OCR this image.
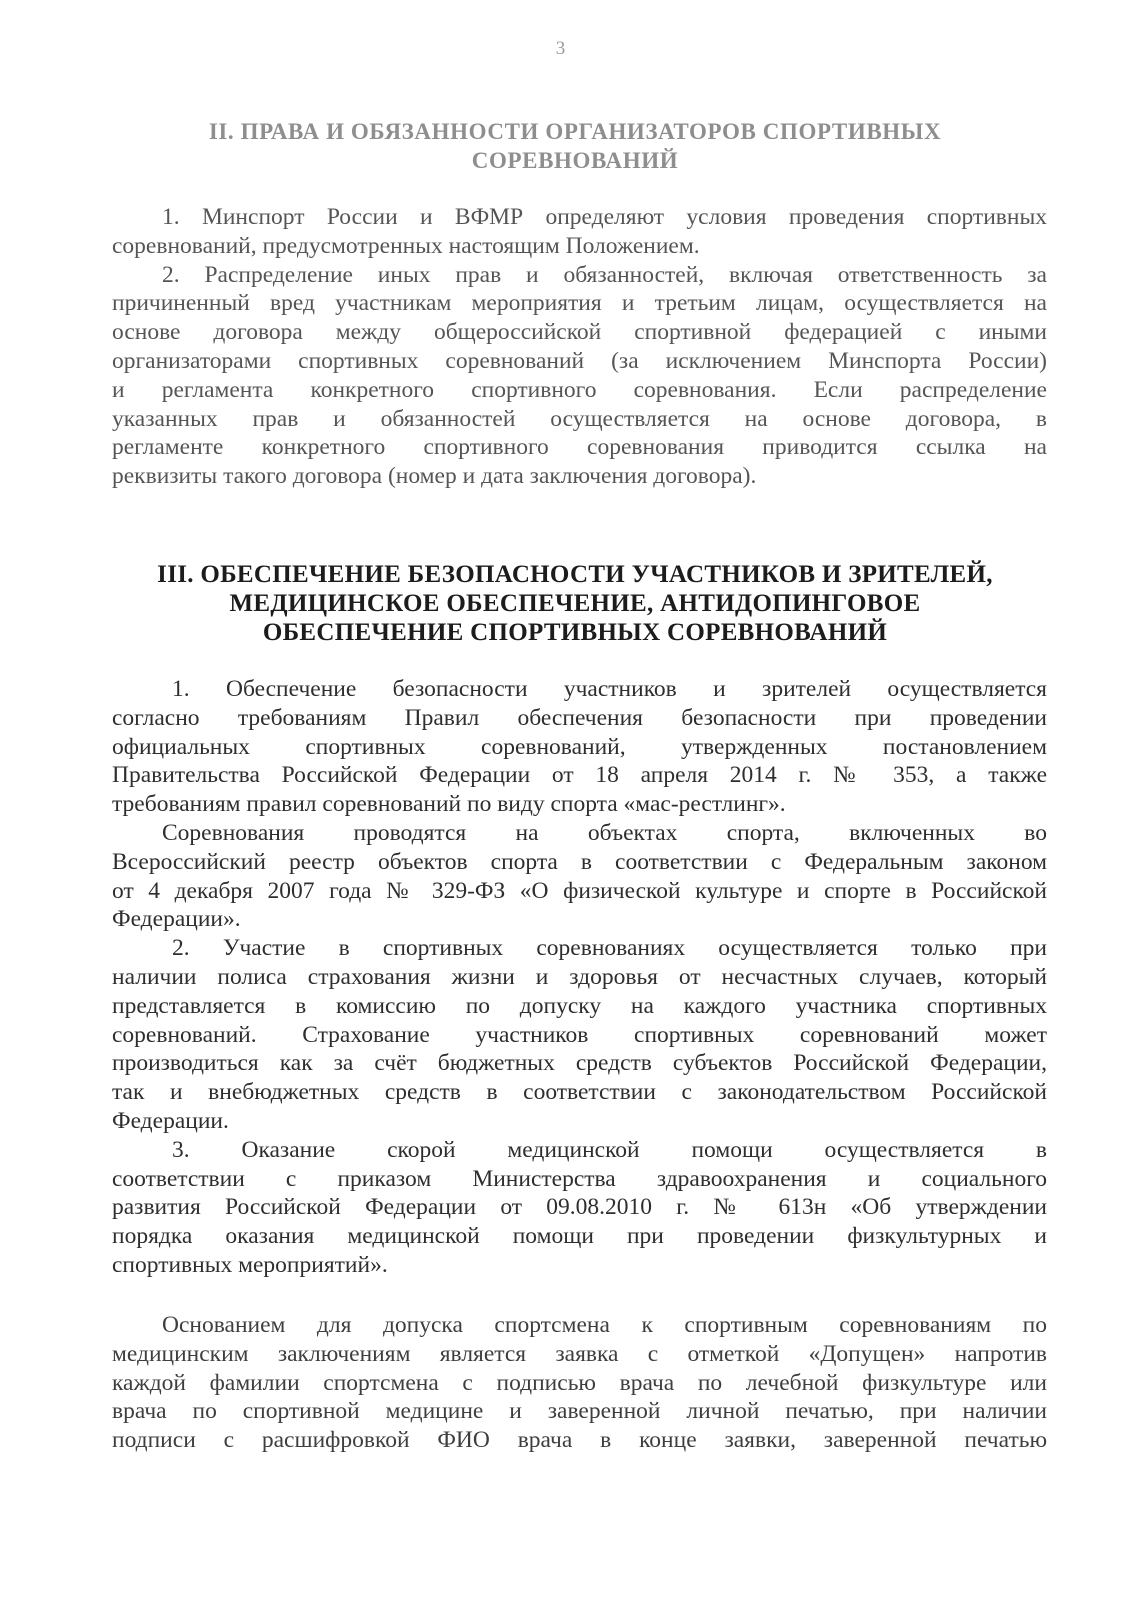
3
II. ПРАВА И ОБЯЗАННОСТИ ОРГАНИЗАТОРОВ СПОРТИВНЫХ
СОРЕВНОВАНИЙ
1. Минспорт России и ВФМР определяют условия проведения спортивных
соревнований, предусмотренных настоящим Положением.
2. Распределение иных прав и обязанностей, включая ответственность за
причиненный вред участникам мероприятия и третьим лицам, осуществляется на
основе договора между общероссийской спортивной федерацией с иными
организаторами спортивных соревнований (за исключением Минспорта России)
и регламента конкретного спортивного соревнования. Если распределение
указанных прав и обязанностей осуществляется на основе договора, в
регламенте конкретного спортивного соревнования приводится ссылка на
реквизиты такого договора (номер и дата заключения договора).
III. ОБЕСПЕЧЕНИЕ БЕЗОПАСНОСТИ УЧАСТНИКОВ И ЗРИТЕЛЕЙ,
МЕДИЦИНСКОЕ ОБЕСПЕЧЕНИЕ, АНТИДОПИНГОВОЕ
ОБЕСПЕЧЕНИЕ СПОРТИВНЫХ СОРЕВНОВАНИЙ
1. Обеспечение безопасности участников и зрителей осуществляется
согласно требованиям Правил обеспечения безопасности при проведении
официальных спортивных соревнований, утвержденных постановлением
Правительства Российской Федерации от 18 апреля 2014 г. № 353, а также
требованиям правил соревнований по виду спорта «мас-рестлинг».
Соревнования проводятся на объектах спорта, включенных во
Всероссийский реестр объектов спорта в соответствии с Федеральным законом
от 4 декабря 2007 года № 329-ФЗ «О физической культуре и спорте в Российской
Федерации».
2. Участие в спортивных соревнованиях осуществляется только при
наличии полиса страхования жизни и здоровья от несчастных случаев, который
представляется в комиссию по допуску на каждого участника спортивных
соревнований. Страхование участников спортивных соревнований может
производиться как за счёт бюджетных средств субъектов Российской Федерации,
так и внебюджетных средств в соответствии с законодательством Российской
Федерации.
3. Оказание скорой медицинской помощи осуществляется в
соответствии с приказом Министерства здравоохранения и социального
развития Российской Федерации от 09.08.2010 г. № 613н «Об утверждении
порядка оказания медицинской помощи при проведении физкультурных и
спортивных мероприятий».
Основанием для допуска спортсмена к спортивным соревнованиям по
медицинским заключениям является заявка с отметкой «Допущен» напротив
каждой фамилии спортсмена с подписью врача по лечебной физкультуре или
врача по спортивной медицине и заверенной личной печатью, при наличии
подписи с расшифровкой ФИО врача в конце заявки, заверенной печатью
